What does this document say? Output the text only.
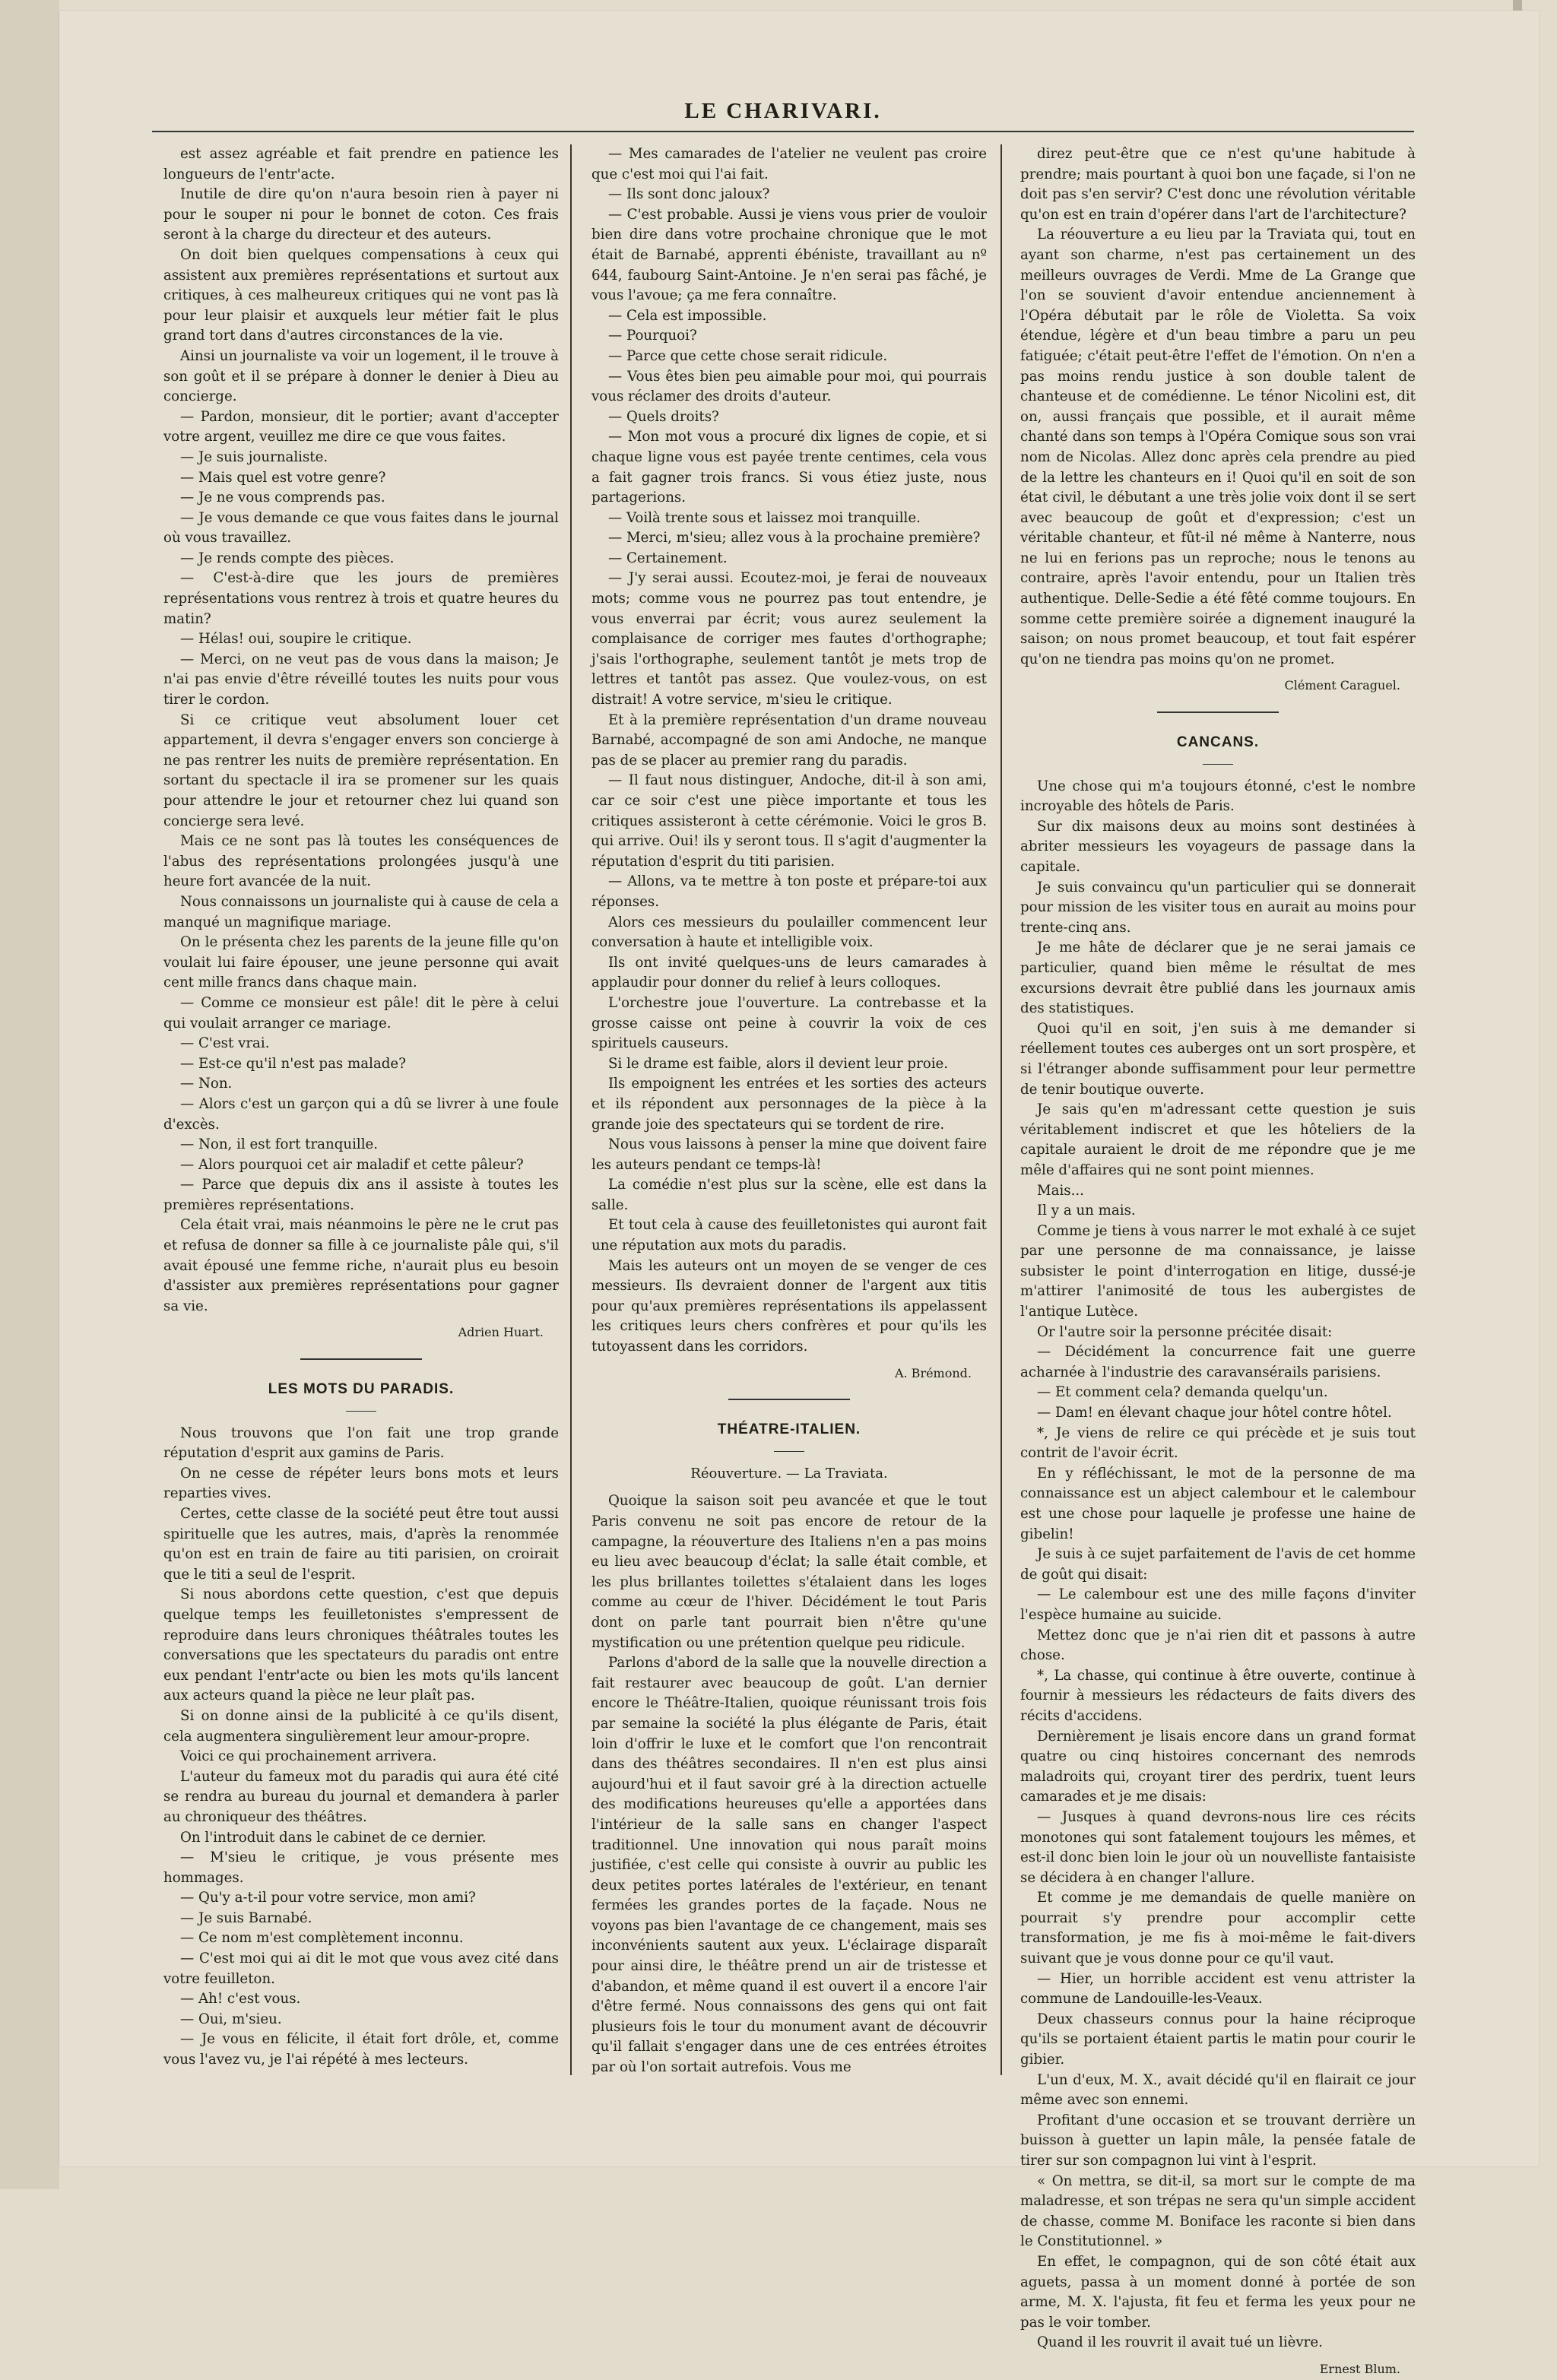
LE CHARIVARI.

est assez agréable et fait prendre en patience les longueurs de l'entr'acte.

Inutile de dire qu'on n'aura besoin rien à payer ni pour le souper ni pour le bonnet de coton. Ces frais seront à la charge du directeur et des auteurs.

On doit bien quelques compensations à ceux qui assistent aux premières représentations et surtout aux critiques, à ces malheureux critiques qui ne vont pas là pour leur plaisir et auxquels leur métier fait le plus grand tort dans d'autres circonstances de la vie.

Ainsi un journaliste va voir un logement, il le trouve à son goût et il se prépare à donner le denier à Dieu au concierge.

— Pardon, monsieur, dit le portier; avant d'accepter votre argent, veuillez me dire ce que vous faites.

— Je suis journaliste.

— Mais quel est votre genre?

— Je ne vous comprends pas.

— Je vous demande ce que vous faites dans le journal où vous travaillez.

— Je rends compte des pièces.

— C'est-à-dire que les jours de premières représentations vous rentrez à trois et quatre heures du matin?

— Hélas! oui, soupire le critique.

— Merci, on ne veut pas de vous dans la maison; Je n'ai pas envie d'être réveillé toutes les nuits pour vous tirer le cordon.

Si ce critique veut absolument louer cet appartement, il devra s'engager envers son concierge à ne pas rentrer les nuits de première représentation. En sortant du spectacle il ira se promener sur les quais pour attendre le jour et retourner chez lui quand son concierge sera levé.

Mais ce ne sont pas là toutes les conséquences de l'abus des représentations prolongées jusqu'à une heure fort avancée de la nuit.

Nous connaissons un journaliste qui à cause de cela a manqué un magnifique mariage.

On le présenta chez les parents de la jeune fille qu'on voulait lui faire épouser, une jeune personne qui avait cent mille francs dans chaque main.

— Comme ce monsieur est pâle! dit le père à celui qui voulait arranger ce mariage.

— C'est vrai.

— Est-ce qu'il n'est pas malade?

— Non.

— Alors c'est un garçon qui a dû se livrer à une foule d'excès.

— Non, il est fort tranquille.

— Alors pourquoi cet air maladif et cette pâleur?

— Parce que depuis dix ans il assiste à toutes les premières représentations.

Cela était vrai, mais néanmoins le père ne le crut pas et refusa de donner sa fille à ce journaliste pâle qui, s'il avait épousé une femme riche, n'aurait plus eu besoin d'assister aux premières représentations pour gagner sa vie.

Adrien Huart.
LES MOTS DU PARADIS.

Nous trouvons que l'on fait une trop grande réputation d'esprit aux gamins de Paris.

On ne cesse de répéter leurs bons mots et leurs reparties vives.

Certes, cette classe de la société peut être tout aussi spirituelle que les autres, mais, d'après la renommée qu'on est en train de faire au titi parisien, on croirait que le titi a seul de l'esprit.

Si nous abordons cette question, c'est que depuis quelque temps les feuilletonistes s'empressent de reproduire dans leurs chroniques théâtrales toutes les conversations que les spectateurs du paradis ont entre eux pendant l'entr'acte ou bien les mots qu'ils lancent aux acteurs quand la pièce ne leur plaît pas.

Si on donne ainsi de la publicité à ce qu'ils disent, cela augmentera singulièrement leur amour-propre.

Voici ce qui prochainement arrivera.

L'auteur du fameux mot du paradis qui aura été cité se rendra au bureau du journal et demandera à parler au chroniqueur des théâtres.

On l'introduit dans le cabinet de ce dernier.

— M'sieu le critique, je vous présente mes hommages.

— Qu'y a-t-il pour votre service, mon ami?

— Je suis Barnabé.

— Ce nom m'est complètement inconnu.

— C'est moi qui ai dit le mot que vous avez cité dans votre feuilleton.

— Ah! c'est vous.

— Oui, m'sieu.

— Je vous en félicite, il était fort drôle, et, comme vous l'avez vu, je l'ai répété à mes lecteurs.

— Mes camarades de l'atelier ne veulent pas croire que c'est moi qui l'ai fait.

— Ils sont donc jaloux?

— C'est probable. Aussi je viens vous prier de vouloir bien dire dans votre prochaine chronique que le mot était de Barnabé, apprenti ébéniste, travaillant au nº 644, faubourg Saint-Antoine. Je n'en serai pas fâché, je vous l'avoue; ça me fera connaître.

— Cela est impossible.

— Pourquoi?

— Parce que cette chose serait ridicule.

— Vous êtes bien peu aimable pour moi, qui pourrais vous réclamer des droits d'auteur.

— Quels droits?

— Mon mot vous a procuré dix lignes de copie, et si chaque ligne vous est payée trente centimes, cela vous a fait gagner trois francs. Si vous étiez juste, nous partagerions.

— Voilà trente sous et laissez moi tranquille.

— Merci, m'sieu; allez vous à la prochaine première?

— Certainement.

— J'y serai aussi. Ecoutez-moi, je ferai de nouveaux mots; comme vous ne pourrez pas tout entendre, je vous enverrai par écrit; vous aurez seulement la complaisance de corriger mes fautes d'orthographe; j'sais l'orthographe, seulement tantôt je mets trop de lettres et tantôt pas assez. Que voulez-vous, on est distrait! A votre service, m'sieu le critique.

Et à la première représentation d'un drame nouveau Barnabé, accompagné de son ami Andoche, ne manque pas de se placer au premier rang du paradis.

— Il faut nous distinguer, Andoche, dit-il à son ami, car ce soir c'est une pièce importante et tous les critiques assisteront à cette cérémonie. Voici le gros B. qui arrive. Oui! ils y seront tous. Il s'agit d'augmenter la réputation d'esprit du titi parisien.

— Allons, va te mettre à ton poste et prépare-toi aux réponses.

Alors ces messieurs du poulailler commencent leur conversation à haute et intelligible voix.

Ils ont invité quelques-uns de leurs camarades à applaudir pour donner du relief à leurs colloques.

L'orchestre joue l'ouverture. La contrebasse et la grosse caisse ont peine à couvrir la voix de ces spirituels causeurs.

Si le drame est faible, alors il devient leur proie.

Ils empoignent les entrées et les sorties des acteurs et ils répondent aux personnages de la pièce à la grande joie des spectateurs qui se tordent de rire.

Nous vous laissons à penser la mine que doivent faire les auteurs pendant ce temps-là!

La comédie n'est plus sur la scène, elle est dans la salle.

Et tout cela à cause des feuilletonistes qui auront fait une réputation aux mots du paradis.

Mais les auteurs ont un moyen de se venger de ces messieurs. Ils devraient donner de l'argent aux titis pour qu'aux premières représentations ils appelassent les critiques leurs chers confrères et pour qu'ils les tutoyassent dans les corridors.

A. Brémond.
THÉATRE-ITALIEN.
Réouverture. — La Traviata.

Quoique la saison soit peu avancée et que le tout Paris convenu ne soit pas encore de retour de la campagne, la réouverture des Italiens n'en a pas moins eu lieu avec beaucoup d'éclat; la salle était comble, et les plus brillantes toilettes s'étalaient dans les loges comme au cœur de l'hiver. Décidément le tout Paris dont on parle tant pourrait bien n'être qu'une mystification ou une prétention quelque peu ridicule.

Parlons d'abord de la salle que la nouvelle direction a fait restaurer avec beaucoup de goût. L'an dernier encore le Théâtre-Italien, quoique réunissant trois fois par semaine la société la plus élégante de Paris, était loin d'offrir le luxe et le comfort que l'on rencontrait dans des théâtres secondaires. Il n'en est plus ainsi aujourd'hui et il faut savoir gré à la direction actuelle des modifications heureuses qu'elle a apportées dans l'intérieur de la salle sans en changer l'aspect traditionnel. Une innovation qui nous paraît moins justifiée, c'est celle qui consiste à ouvrir au public les deux petites portes latérales de l'extérieur, en tenant fermées les grandes portes de la façade. Nous ne voyons pas bien l'avantage de ce changement, mais ses inconvénients sautent aux yeux. L'éclairage disparaît pour ainsi dire, le théâtre prend un air de tristesse et d'abandon, et même quand il est ouvert il a encore l'air d'être fermé. Nous connaissons des gens qui ont fait plusieurs fois le tour du monument avant de découvrir qu'il fallait s'engager dans une de ces entrées étroites par où l'on sortait autrefois. Vous me

direz peut-être que ce n'est qu'une habitude à prendre; mais pourtant à quoi bon une façade, si l'on ne doit pas s'en servir? C'est donc une révolution véritable qu'on est en train d'opérer dans l'art de l'architecture?

La réouverture a eu lieu par la Traviata qui, tout en ayant son charme, n'est pas certainement un des meilleurs ouvrages de Verdi. Mme de La Grange que l'on se souvient d'avoir entendue anciennement à l'Opéra débutait par le rôle de Violetta. Sa voix étendue, légère et d'un beau timbre a paru un peu fatiguée; c'était peut-être l'effet de l'émotion. On n'en a pas moins rendu justice à son double talent de chanteuse et de comédienne. Le ténor Nicolini est, dit on, aussi français que possible, et il aurait même chanté dans son temps à l'Opéra Comique sous son vrai nom de Nicolas. Allez donc après cela prendre au pied de la lettre les chanteurs en i! Quoi qu'il en soit de son état civil, le débutant a une très jolie voix dont il se sert avec beaucoup de goût et d'expression; c'est un véritable chanteur, et fût-il né même à Nanterre, nous ne lui en ferions pas un reproche; nous le tenons au contraire, après l'avoir entendu, pour un Italien très authentique. Delle-Sedie a été fêté comme toujours. En somme cette première soirée a dignement inauguré la saison; on nous promet beaucoup, et tout fait espérer qu'on ne tiendra pas moins qu'on ne promet.

Clément Caraguel.
CANCANS.

Une chose qui m'a toujours étonné, c'est le nombre incroyable des hôtels de Paris.

Sur dix maisons deux au moins sont destinées à abriter messieurs les voyageurs de passage dans la capitale.

Je suis convaincu qu'un particulier qui se donnerait pour mission de les visiter tous en aurait au moins pour trente-cinq ans.

Je me hâte de déclarer que je ne serai jamais ce particulier, quand bien même le résultat de mes excursions devrait être publié dans les journaux amis des statistiques.

Quoi qu'il en soit, j'en suis à me demander si réellement toutes ces auberges ont un sort prospère, et si l'étranger abonde suffisamment pour leur permettre de tenir boutique ouverte.

Je sais qu'en m'adressant cette question je suis véritablement indiscret et que les hôteliers de la capitale auraient le droit de me répondre que je me mêle d'affaires qui ne sont point miennes.

Mais...

Il y a un mais.

Comme je tiens à vous narrer le mot exhalé à ce sujet par une personne de ma connaissance, je laisse subsister le point d'interrogation en litige, dussé-je m'attirer l'animosité de tous les aubergistes de l'antique Lutèce.

Or l'autre soir la personne précitée disait:

— Décidément la concurrence fait une guerre acharnée à l'industrie des caravansérails parisiens.

— Et comment cela? demanda quelqu'un.

— Dam! en élevant chaque jour hôtel contre hôtel.

*, Je viens de relire ce qui précède et je suis tout contrit de l'avoir écrit.

En y réfléchissant, le mot de la personne de ma connaissance est un abject calembour et le calembour est une chose pour laquelle je professe une haine de gibelin!

Je suis à ce sujet parfaitement de l'avis de cet homme de goût qui disait:

— Le calembour est une des mille façons d'inviter l'espèce humaine au suicide.

Mettez donc que je n'ai rien dit et passons à autre chose.

*, La chasse, qui continue à être ouverte, continue à fournir à messieurs les rédacteurs de faits divers des récits d'accidens.

Dernièrement je lisais encore dans un grand format quatre ou cinq histoires concernant des nemrods maladroits qui, croyant tirer des perdrix, tuent leurs camarades et je me disais:

— Jusques à quand devrons-nous lire ces récits monotones qui sont fatalement toujours les mêmes, et est-il donc bien loin le jour où un nouvelliste fantaisiste se décidera à en changer l'allure.

Et comme je me demandais de quelle manière on pourrait s'y prendre pour accomplir cette transformation, je me fis à moi-même le fait-divers suivant que je vous donne pour ce qu'il vaut.

— Hier, un horrible accident est venu attrister la commune de Landouille-les-Veaux.

Deux chasseurs connus pour la haine réciproque qu'ils se portaient étaient partis le matin pour courir le gibier.

L'un d'eux, M. X., avait décidé qu'il en flairait ce jour même avec son ennemi.

Profitant d'une occasion et se trouvant derrière un buisson à guetter un lapin mâle, la pensée fatale de tirer sur son compagnon lui vint à l'esprit.

« On mettra, se dit-il, sa mort sur le compte de ma maladresse, et son trépas ne sera qu'un simple accident de chasse, comme M. Boniface les raconte si bien dans le Constitutionnel. »

En effet, le compagnon, qui de son côté était aux aguets, passa à un moment donné à portée de son arme, M. X. l'ajusta, fit feu et ferma les yeux pour ne pas le voir tomber.

Quand il les rouvrit il avait tué un lièvre.

Ernest Blum.
